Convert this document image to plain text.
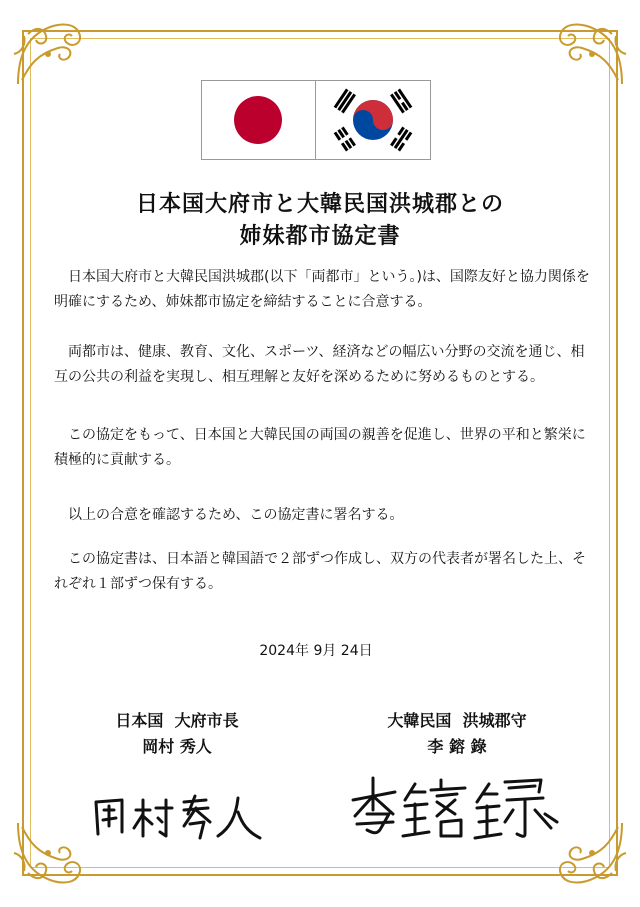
日本国大府市と大韓民国洪城郡との
姉妹都市協定書
日本国大府市と大韓民国洪城郡(以下「両都市」という。)は、国際友好と協力関係を明確にするため、姉妹都市協定を締結することに合意する。
両都市は、健康、教育、文化、スポーツ、経済などの幅広い分野の交流を通じ、相互の公共の利益を実現し、相互理解と友好を深めるために努めるものとする。
この協定をもって、日本国と大韓民国の両国の親善を促進し、世界の平和と繁栄に積極的に貢献する。
以上の合意を確認するため、この協定書に署名する。
この協定書は、日本語と韓国語で２部ずつ作成し、双方の代表者が署名した上、それぞれ１部ずつ保有する。
2024年 9月 24日
日本国  大府市長
岡村 秀人
大韓民国  洪城郡守
李 鎔 錄
